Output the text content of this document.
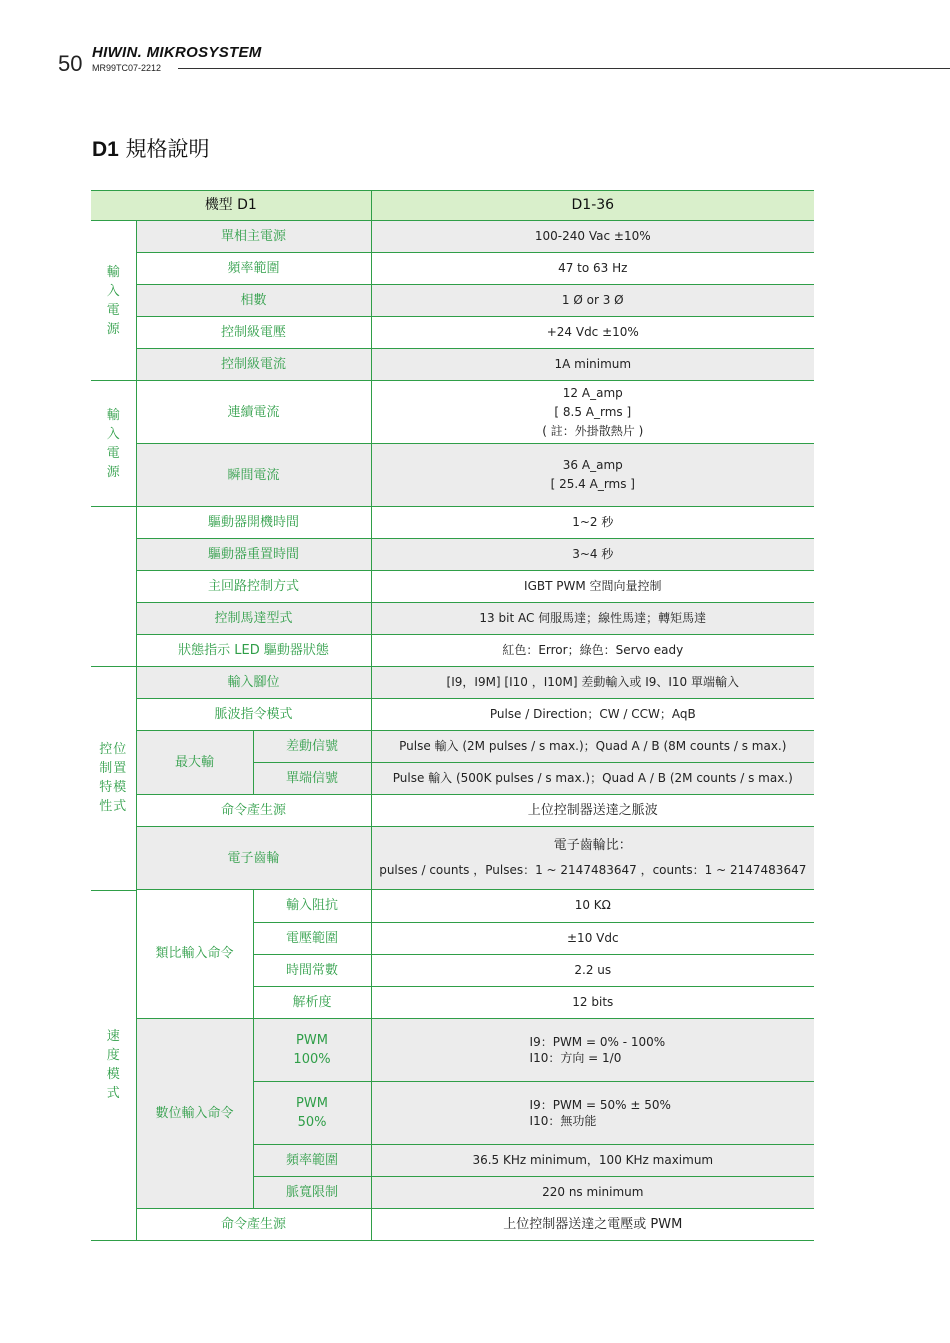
50 HIWIN. MIKROSYSTEM
MR99TC07-2212
D1 規格說明
機型 D1			D1-36

輸
入
電
源	單相主電源		100-240 Vac ±10%
	頻率範圍		47 to 63 Hz
	相數		1 Ø or 3 Ø
	控制級電壓		+24 Vdc ±10%
	控制級電流		1A minimum

輸
入
電
源	連續電流		12 A_amp
[ 8.5 A_rms ]
( 註：外掛散熱片 )

	瞬間電流		36 A_amp
[ 25.4 A_rms ]

	驅動器開機時間		1~2 秒
	驅動器重置時間		3~4 秒
	主回路控制方式		IGBT PWM 空間向量控制
	控制馬達型式		13 bit AC 伺服馬達；線性馬達；轉矩馬達
	狀態指示 LED 驅動器狀態		紅色：Error；綠色：Servo eady

控位
制置
特模
性式	輸入腳位		[I9，I9M] [I10 ，I10M] 差動輸入或 I9、I10 單端輸入
	脈波指令模式		Pulse / Direction；CW / CCW；AqB
	最大輸	差動信號	Pulse 輸入 (2M pulses / s max.)；Quad A / B (8M counts / s max.)
		單端信號	Pulse 輸入 (500K pulses / s max.)；Quad A / B (2M counts / s max.)
	命令產生源		上位控制器送達之脈波
	電子齒輪		電子齒輪比：
pulses / counts ，Pulses：1 ~ 2147483647 ，counts：1 ~ 2147483647

速
度
模
式	類比輸入命令	輸入阻抗	10 KΩ
		電壓範圍	±10 Vdc
		時間常數	2.2 us
		解析度	12 bits
	數位輸入命令	PWM
100%	I9：PWM = 0% - 100%
I10：方向 = 1/0

		PWM
50%	I9：PWM = 50% ± 50%
I10：無功能

		頻率範圍	36.5 KHz minimum，100 KHz maximum
		脈寬限制	220 ns minimum
	命令產生源		上位控制器送達之電壓或 PWM
